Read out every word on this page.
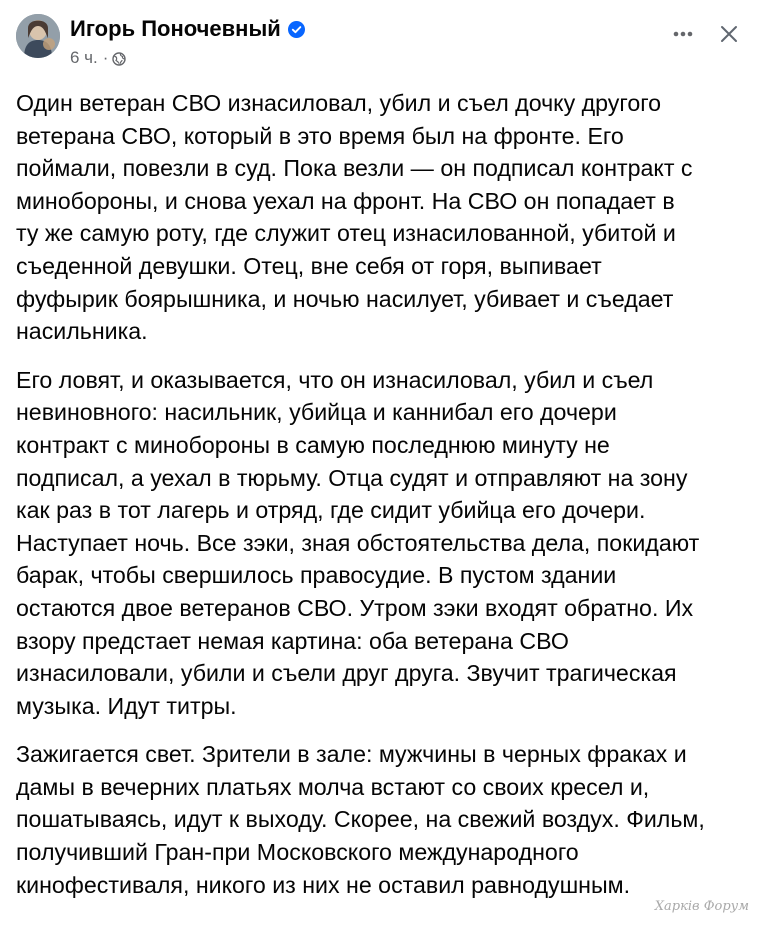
Игорь Поночевный
6 ч. ·

Один ветеран СВО изнасиловал, убил и съел дочку другого
ветерана СВО, который в это время был на фронте. Его
поймали, повезли в суд. Пока везли — он подписал контракт с
минобороны, и снова уехал на фронт. На СВО он попадает в
ту же самую роту, где служит отец изнасилованной, убитой и
съеденной девушки. Отец, вне себя от горя, выпивает
фуфырик боярышника, и ночью насилует, убивает и съедает
насильника.

Его ловят, и оказывается, что он изнасиловал, убил и съел
невиновного: насильник, убийца и каннибал его дочери
контракт с минобороны в самую последнюю минуту не
подписал, а уехал в тюрьму. Отца судят и отправляют на зону
как раз в тот лагерь и отряд, где сидит убийца его дочери.
Наступает ночь. Все зэки, зная обстоятельства дела, покидают
барак, чтобы свершилось правосудие. В пустом здании
остаются двое ветеранов СВО. Утром зэки входят обратно. Их
взору предстает немая картина: оба ветерана СВО
изнасиловали, убили и съели друг друга. Звучит трагическая
музыка. Идут титры.

Зажигается свет. Зрители в зале: мужчины в черных фраках и
дамы в вечерних платьях молча встают со своих кресел и,
пошатываясь, идут к выходу. Скорее, на свежий воздух. Фильм,
получивший Гран-при Московского международного
кинофестиваля, никого из них не оставил равнодушным.

Харків Форум
